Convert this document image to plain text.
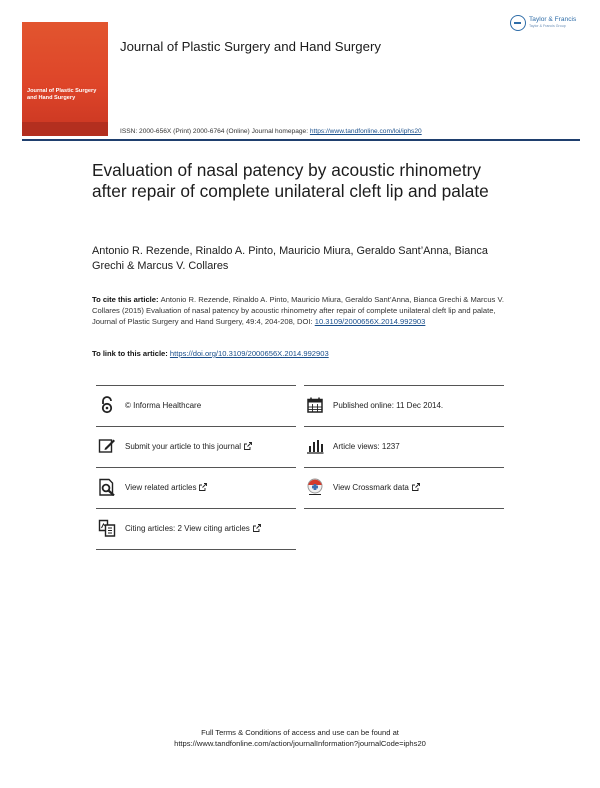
Journal of Plastic Surgery
and Hand Surgery
Journal of Plastic Surgery and Hand Surgery
Taylor & Francis
Taylor & Francis Group
ISSN: 2000-656X (Print) 2000-6764 (Online) Journal homepage: https://www.tandfonline.com/loi/iphs20
Evaluation of nasal patency by acoustic rhinometry after repair of complete unilateral cleft lip and palate
Antonio R. Rezende, Rinaldo A. Pinto, Mauricio Miura, Geraldo Sant’Anna, Bianca Grechi & Marcus V. Collares
To cite this article: Antonio R. Rezende, Rinaldo A. Pinto, Mauricio Miura, Geraldo Sant’Anna, Bianca Grechi & Marcus V. Collares (2015) Evaluation of nasal patency by acoustic rhinometry after repair of complete unilateral cleft lip and palate, Journal of Plastic Surgery and Hand Surgery, 49:4, 204-208, DOI: 10.3109/2000656X.2014.992903
To link to this article: https://doi.org/10.3109/2000656X.2014.992903
© Informa Healthcare	Published online: 11 Dec 2014.
Submit your article to this journal	Article views: 1237
View related articles	View Crossmark data
Citing articles: 2 View citing articles
Full Terms & Conditions of access and use can be found at
https://www.tandfonline.com/action/journalInformation?journalCode=iphs20
